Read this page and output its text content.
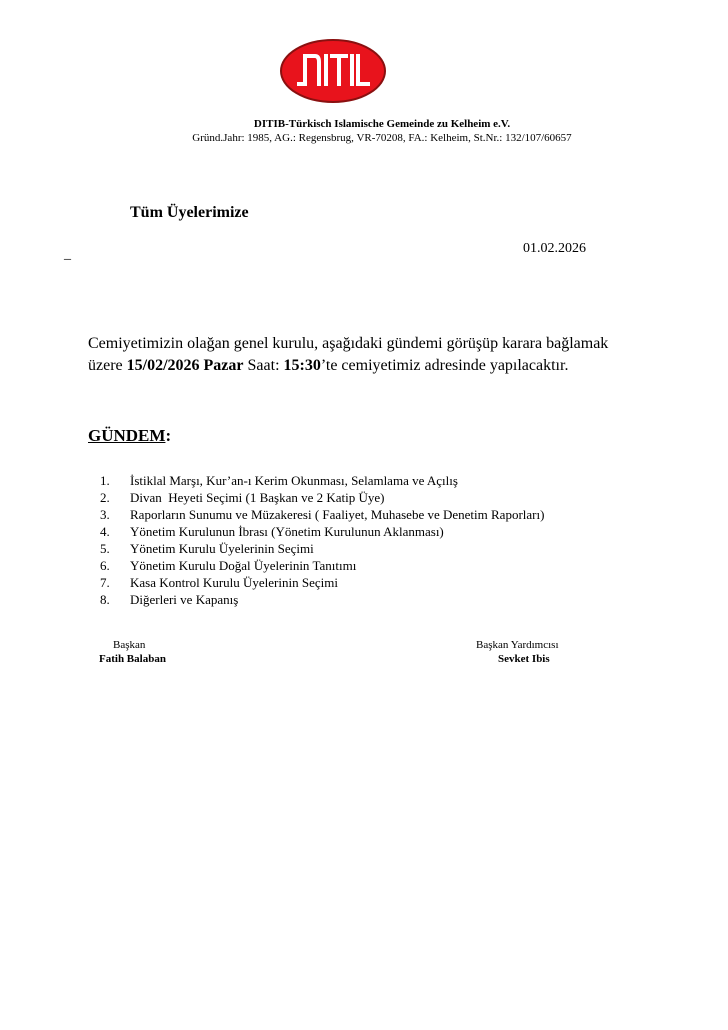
DITIB-Türkisch Islamische Gemeinde zu Kelheim e.V.
Gründ.Jahr: 1985, AG.: Regensbrug, VR-70208, FA.: Kelheim, St.Nr.: 132/107/60657
Tüm Üyelerimize
01.02.2026
_
Cemiyetimizin olağan genel kurulu, aşağıdaki gündemi görüşüp karara bağlamak üzere 15/02/2026 Pazar Saat: 15:30’te cemiyetimiz adresinde yapılacaktır.
GÜNDEM:
1. İstiklal Marşı, Kur’an-ı Kerim Okunması, Selamlama ve Açılış
2. Divan  Heyeti Seçimi (1 Başkan ve 2 Katip Üye)
3. Raporların Sunumu ve Müzakeresi ( Faaliyet, Muhasebe ve Denetim Raporları)
4. Yönetim Kurulunun İbrası (Yönetim Kurulunun Aklanması)
5. Yönetim Kurulu Üyelerinin Seçimi
6. Yönetim Kurulu Doğal Üyelerinin Tanıtımı
7. Kasa Kontrol Kurulu Üyelerinin Seçimi
8. Diğerleri ve Kapanış
Başkan
Fatih Balaban
Başkan Yardımcısı
Sevket Ibis
